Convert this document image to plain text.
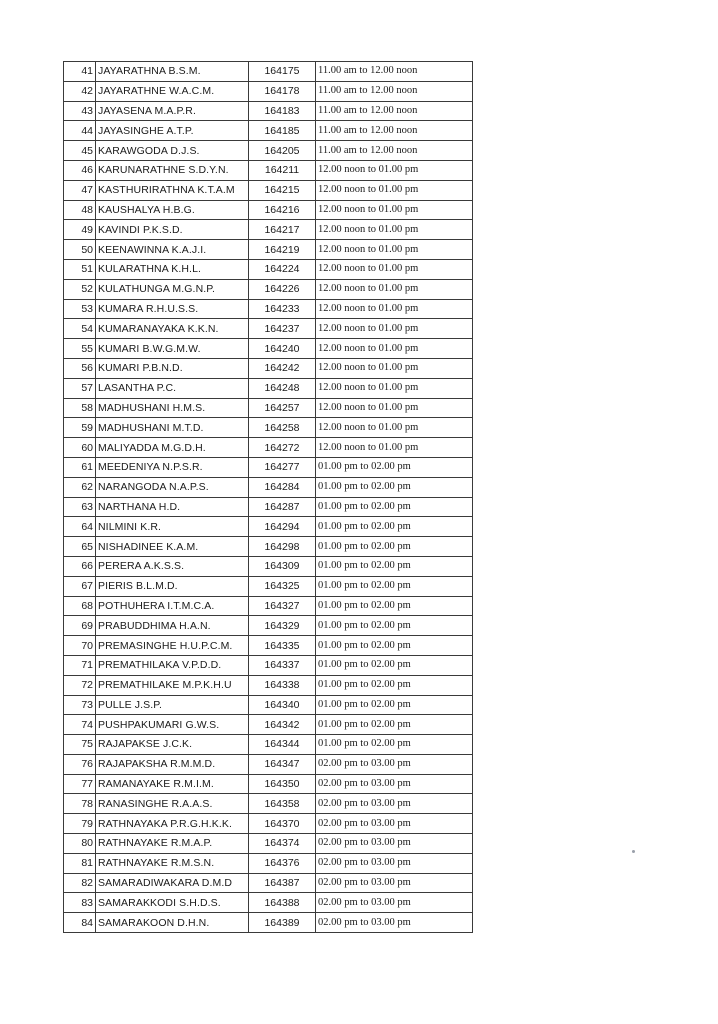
41	JAYARATHNA B.S.M.	164175	11.00 am to 12.00 noon
42	JAYARATHNE W.A.C.M.	164178	11.00 am to 12.00 noon
43	JAYASENA M.A.P.R.	164183	11.00 am to 12.00 noon
44	JAYASINGHE A.T.P.	164185	11.00 am to 12.00 noon
45	KARAWGODA D.J.S.	164205	11.00 am to 12.00 noon
46	KARUNARATHNE S.D.Y.N.	164211	12.00 noon to 01.00 pm
47	KASTHURIRATHNA K.T.A.M	164215	12.00 noon to 01.00 pm
48	KAUSHALYA H.B.G.	164216	12.00 noon to 01.00 pm
49	KAVINDI P.K.S.D.	164217	12.00 noon to 01.00 pm
50	KEENAWINNA K.A.J.I.	164219	12.00 noon to 01.00 pm
51	KULARATHNA K.H.L.	164224	12.00 noon to 01.00 pm
52	KULATHUNGA M.G.N.P.	164226	12.00 noon to 01.00 pm
53	KUMARA R.H.U.S.S.	164233	12.00 noon to 01.00 pm
54	KUMARANAYAKA K.K.N.	164237	12.00 noon to 01.00 pm
55	KUMARI B.W.G.M.W.	164240	12.00 noon to 01.00 pm
56	KUMARI P.B.N.D.	164242	12.00 noon to 01.00 pm
57	LASANTHA P.C.	164248	12.00 noon to 01.00 pm
58	MADHUSHANI H.M.S.	164257	12.00 noon to 01.00 pm
59	MADHUSHANI M.T.D.	164258	12.00 noon to 01.00 pm
60	MALIYADDA M.G.D.H.	164272	12.00 noon to 01.00 pm
61	MEEDENIYA N.P.S.R.	164277	01.00 pm to 02.00 pm
62	NARANGODA N.A.P.S.	164284	01.00 pm to 02.00 pm
63	NARTHANA H.D.	164287	01.00 pm to 02.00 pm
64	NILMINI K.R.	164294	01.00 pm to 02.00 pm
65	NISHADINEE K.A.M.	164298	01.00 pm to 02.00 pm
66	PERERA A.K.S.S.	164309	01.00 pm to 02.00 pm
67	PIERIS B.L.M.D.	164325	01.00 pm to 02.00 pm
68	POTHUHERA I.T.M.C.A.	164327	01.00 pm to 02.00 pm
69	PRABUDDHIMA H.A.N.	164329	01.00 pm to 02.00 pm
70	PREMASINGHE H.U.P.C.M.	164335	01.00 pm to 02.00 pm
71	PREMATHILAKA V.P.D.D.	164337	01.00 pm to 02.00 pm
72	PREMATHILAKE M.P.K.H.U	164338	01.00 pm to 02.00 pm
73	PULLE J.S.P.	164340	01.00 pm to 02.00 pm
74	PUSHPAKUMARI G.W.S.	164342	01.00 pm to 02.00 pm
75	RAJAPAKSE J.C.K.	164344	01.00 pm to 02.00 pm
76	RAJAPAKSHA R.M.M.D.	164347	02.00 pm to 03.00 pm
77	RAMANAYAKE R.M.I.M.	164350	02.00 pm to 03.00 pm
78	RANASINGHE R.A.A.S.	164358	02.00 pm to 03.00 pm
79	RATHNAYAKA P.R.G.H.K.K.	164370	02.00 pm to 03.00 pm
80	RATHNAYAKE R.M.A.P.	164374	02.00 pm to 03.00 pm
81	RATHNAYAKE R.M.S.N.	164376	02.00 pm to 03.00 pm
82	SAMARADIWAKARA D.M.D	164387	02.00 pm to 03.00 pm
83	SAMARAKKODI S.H.D.S.	164388	02.00 pm to 03.00 pm
84	SAMARAKOON D.H.N.	164389	02.00 pm to 03.00 pm
